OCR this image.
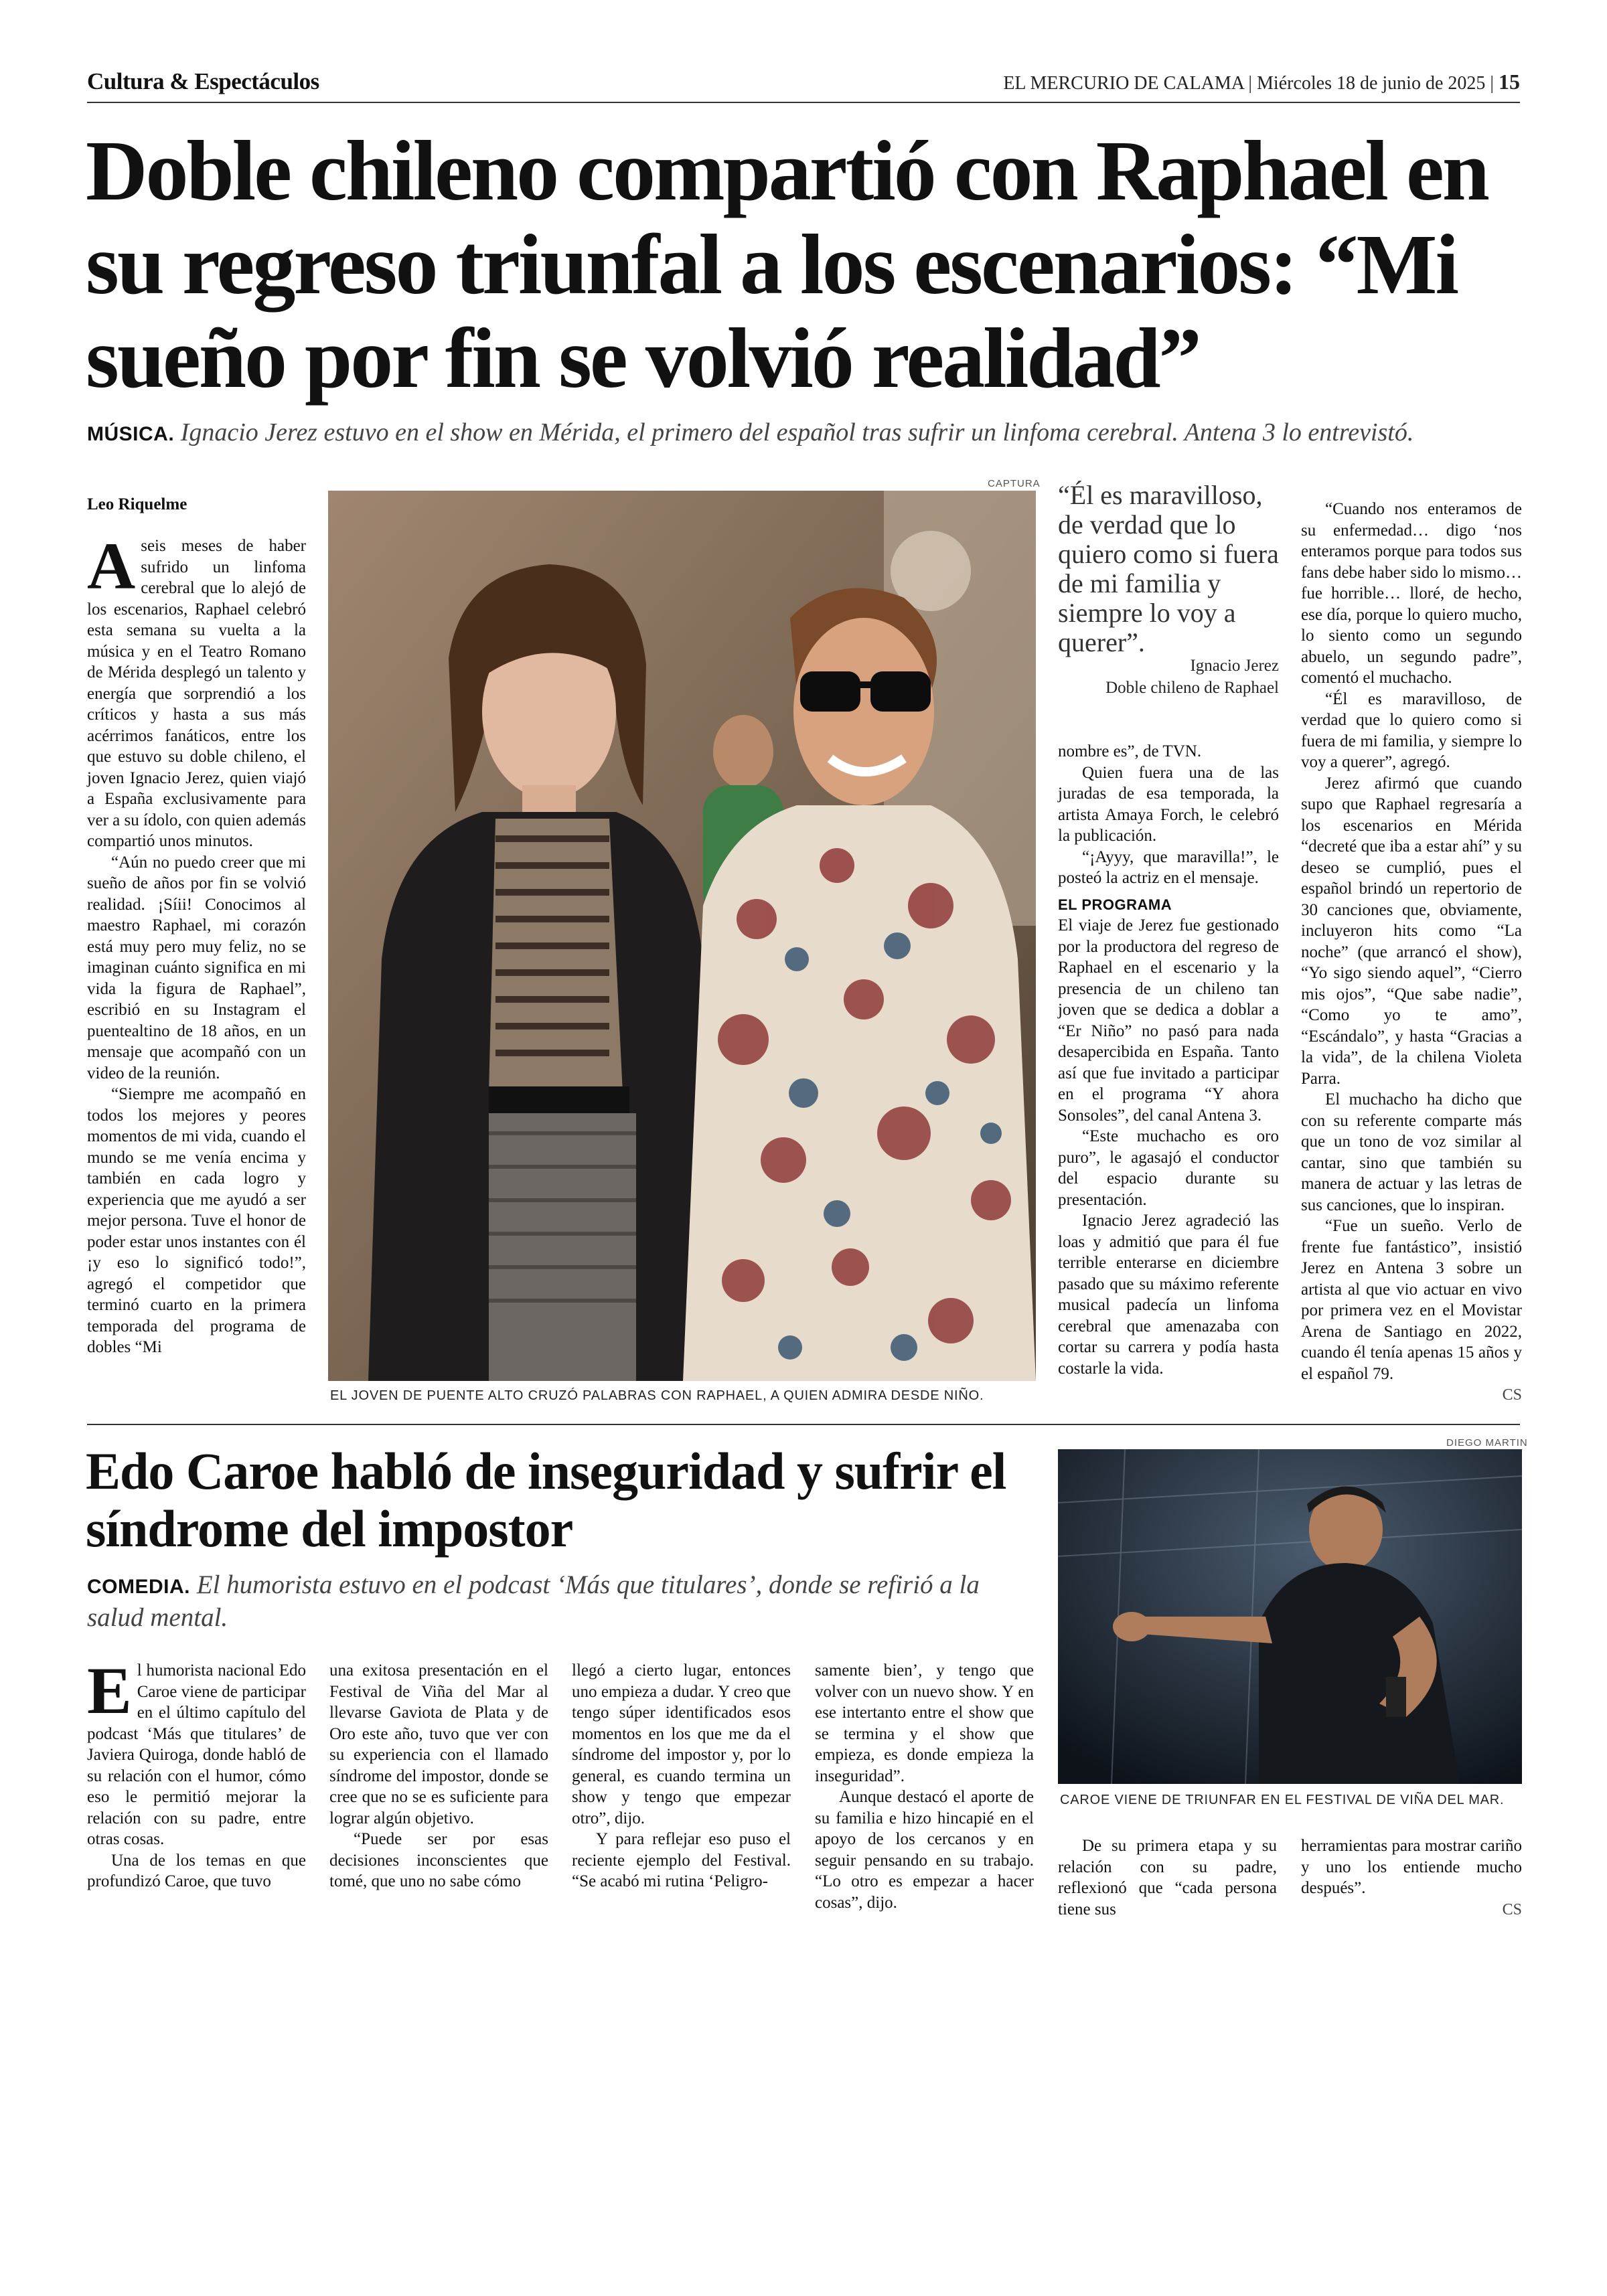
Cultura & Espectáculos	EL MERCURIO DE CALAMA | Miércoles 18 de junio de 2025 | 15
Doble chileno compartió con Raphael en su regreso triunfal a los escenarios: “Mi sueño por fin se volvió realidad”
MÚSICA. Ignacio Jerez estuvo en el show en Mérida, el primero del español tras sufrir un linfoma cerebral. Antena 3 lo entrevistó.
Leo Riquelme

Aseis meses de haber sufrido un linfoma cerebral que lo alejó de los escenarios, Raphael celebró esta semana su vuelta a la música y en el Teatro Romano de Mérida desplegó un talento y energía que sorprendió a los críticos y hasta a sus más acérrimos fanáticos, entre los que estuvo su doble chileno, el joven Ignacio Jerez, quien viajó a España exclusivamente para ver a su ídolo, con quien además compartió unos minutos.

“Aún no puedo creer que mi sueño de años por fin se volvió realidad. ¡Síii! Conocimos al maestro Raphael, mi corazón está muy pero muy feliz, no se imaginan cuánto significa en mi vida la figura de Raphael”, escribió en su Instagram el puentealtino de 18 años, en un mensaje que acompañó con un video de la reunión.

“Siempre me acompañó en todos los mejores y peores momentos de mi vida, cuando el mundo se me venía encima y también en cada logro y experiencia que me ayudó a ser mejor persona. Tuve el honor de poder estar unos instantes con él ¡y eso lo significó todo!”, agregó el competidor que terminó cuarto en la primera temporada del programa de dobles “Mi

CAPTURA
EL JOVEN DE PUENTE ALTO CRUZÓ PALABRAS CON RAPHAEL, A QUIEN ADMIRA DESDE NIÑO.
“Él es maravilloso, de verdad que lo quiero como si fuera de mi familia y siempre lo voy a querer”.
Ignacio Jerez
Doble chileno de Raphael

nombre es”, de TVN.

Quien fuera una de las juradas de esa temporada, la artista Amaya Forch, le celebró la publicación.

“¡Ayyy, que maravilla!”, le posteó la actriz en el mensaje.

EL PROGRAMA

El viaje de Jerez fue gestionado por la productora del regreso de Raphael en el escenario y la presencia de un chileno tan joven que se dedica a doblar a “Er Niño” no pasó para nada desapercibida en España. Tanto así que fue invitado a participar en el programa “Y ahora Sonsoles”, del canal Antena 3.

“Este muchacho es oro puro”, le agasajó el conductor del espacio durante su presentación.

Ignacio Jerez agradeció las loas y admitió que para él fue terrible enterarse en diciembre pasado que su máximo referente musical padecía un linfoma cerebral que amenazaba con cortar su carrera y podía hasta costarle la vida.

“Cuando nos enteramos de su enfermedad… digo ‘nos enteramos porque para todos sus fans debe haber sido lo mismo… fue horrible… lloré, de hecho, ese día, porque lo quiero mucho, lo siento como un segundo abuelo, un segundo padre”, comentó el muchacho.

“Él es maravilloso, de verdad que lo quiero como si fuera de mi familia, y siempre lo voy a querer”, agregó.

Jerez afirmó que cuando supo que Raphael regresaría a los escenarios en Mérida “decreté que iba a estar ahí” y su deseo se cumplió, pues el español brindó un repertorio de 30 canciones que, obviamente, incluyeron hits como “La noche” (que arrancó el show), “Yo sigo siendo aquel”, “Cierro mis ojos”, “Que sabe nadie”, “Como yo te amo”, “Escándalo”, y hasta “Gracias a la vida”, de la chilena Violeta Parra.

El muchacho ha dicho que con su referente comparte más que un tono de voz similar al cantar, sino que también su manera de actuar y las letras de sus canciones, que lo inspiran.

“Fue un sueño. Verlo de frente fue fantástico”, insistió Jerez en Antena 3 sobre un artista al que vio actuar en vivo por primera vez en el Movistar Arena de Santiago en 2022, cuando él tenía apenas 15 años y el español 79.

CS
Edo Caroe habló de inseguridad y sufrir el síndrome del impostor
COMEDIA. El humorista estuvo en el podcast ‘Más que titulares’, donde se refirió a la salud mental.
DIEGO MARTIN
CAROE VIENE DE TRIUNFAR EN EL FESTIVAL DE VIÑA DEL MAR.

El humorista nacional Edo Caroe viene de participar en el último capítulo del podcast ‘Más que titulares’ de Javiera Quiroga, donde habló de su relación con el humor, cómo eso le permitió mejorar la relación con su padre, entre otras cosas.

Una de los temas en que profundizó Caroe, que tuvo

una exitosa presentación en el Festival de Viña del Mar al llevarse Gaviota de Plata y de Oro este año, tuvo que ver con su experiencia con el llamado síndrome del impostor, donde se cree que no se es suficiente para lograr algún objetivo.

“Puede ser por esas decisiones inconscientes que tomé, que uno no sabe cómo

llegó a cierto lugar, entonces uno empieza a dudar. Y creo que tengo súper identificados esos momentos en los que me da el síndrome del impostor y, por lo general, es cuando termina un show y tengo que empezar otro”, dijo.

Y para reflejar eso puso el reciente ejemplo del Festival. “Se acabó mi rutina ‘Peligro-

samente bien’, y tengo que volver con un nuevo show. Y en ese intertanto entre el show que se termina y el show que empieza, es donde empieza la inseguridad”.

Aunque destacó el aporte de su familia e hizo hincapié en el apoyo de los cercanos y en seguir pensando en su trabajo. “Lo otro es empezar a hacer cosas”, dijo.

De su primera etapa y su relación con su padre, reflexionó que “cada persona tiene sus

herramientas para mostrar cariño y uno los entiende mucho después”.

CS
